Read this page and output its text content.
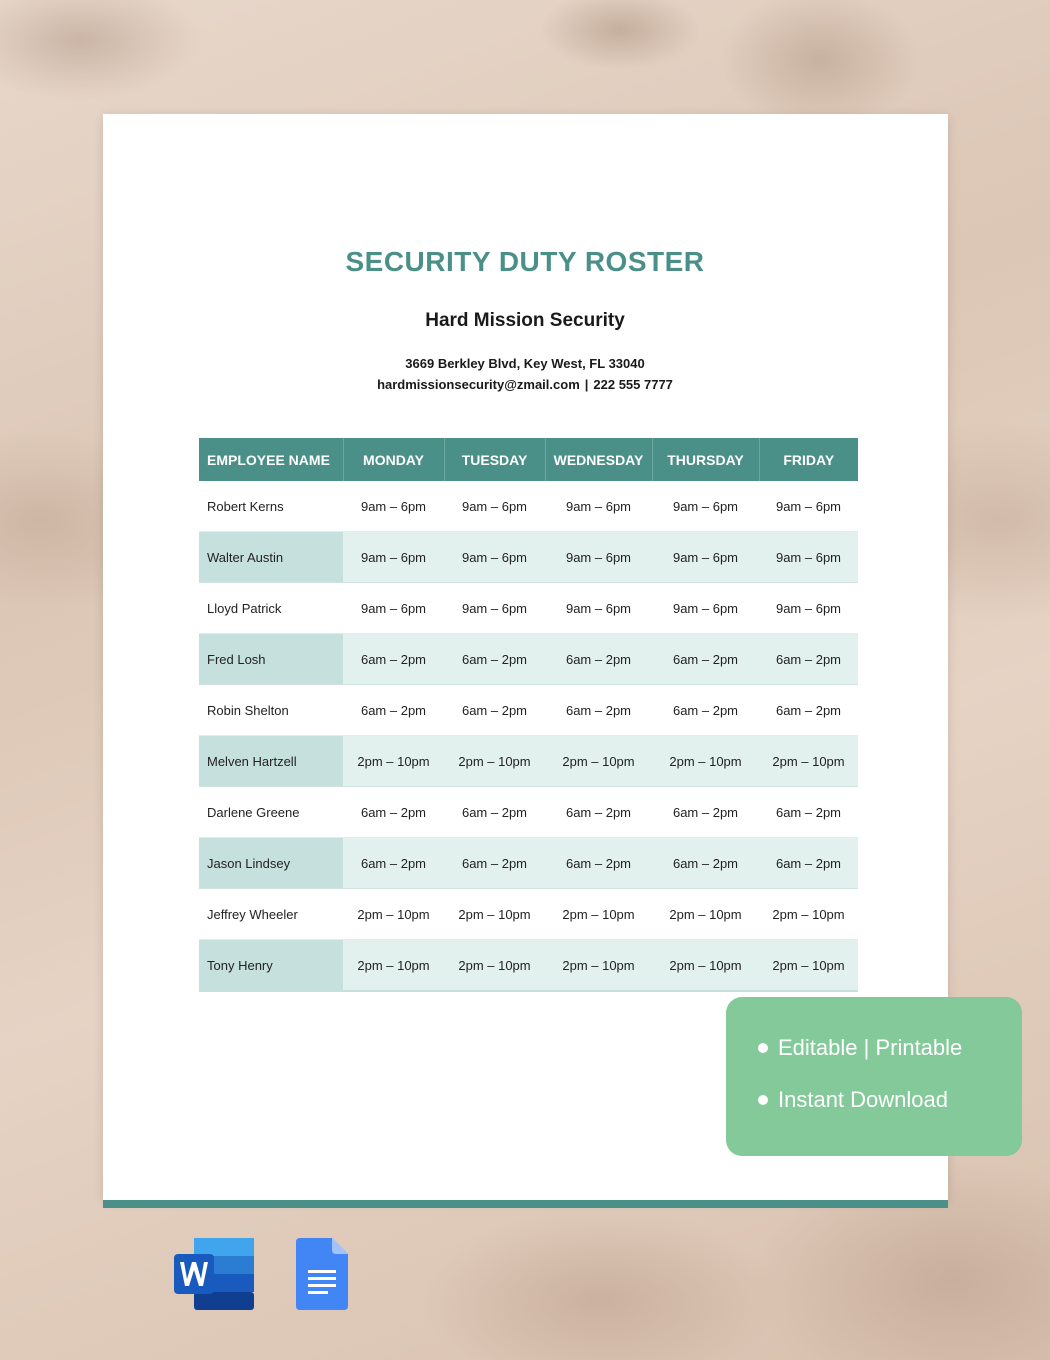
SECURITY DUTY ROSTER
Hard Mission Security
3669 Berkley Blvd, Key West, FL 33040
hardmissionsecurity@zmail.com | 222 555 7777
EMPLOYEE NAME	MONDAY	TUESDAY	WEDNESDAY	THURSDAY	FRIDAY
Robert Kerns	9am – 6pm	9am – 6pm	9am – 6pm	9am – 6pm	9am – 6pm
Walter Austin	9am – 6pm	9am – 6pm	9am – 6pm	9am – 6pm	9am – 6pm
Lloyd Patrick	9am – 6pm	9am – 6pm	9am – 6pm	9am – 6pm	9am – 6pm
Fred Losh	6am – 2pm	6am – 2pm	6am – 2pm	6am – 2pm	6am – 2pm
Robin Shelton	6am – 2pm	6am – 2pm	6am – 2pm	6am – 2pm	6am – 2pm
Melven Hartzell	2pm – 10pm	2pm – 10pm	2pm – 10pm	2pm – 10pm	2pm – 10pm
Darlene Greene	6am – 2pm	6am – 2pm	6am – 2pm	6am – 2pm	6am – 2pm
Jason Lindsey	6am – 2pm	6am – 2pm	6am – 2pm	6am – 2pm	6am – 2pm
Jeffrey Wheeler	2pm – 10pm	2pm – 10pm	2pm – 10pm	2pm – 10pm	2pm – 10pm
Tony Henry	2pm – 10pm	2pm – 10pm	2pm – 10pm	2pm – 10pm	2pm – 10pm
Editable | Printable
Instant Download
